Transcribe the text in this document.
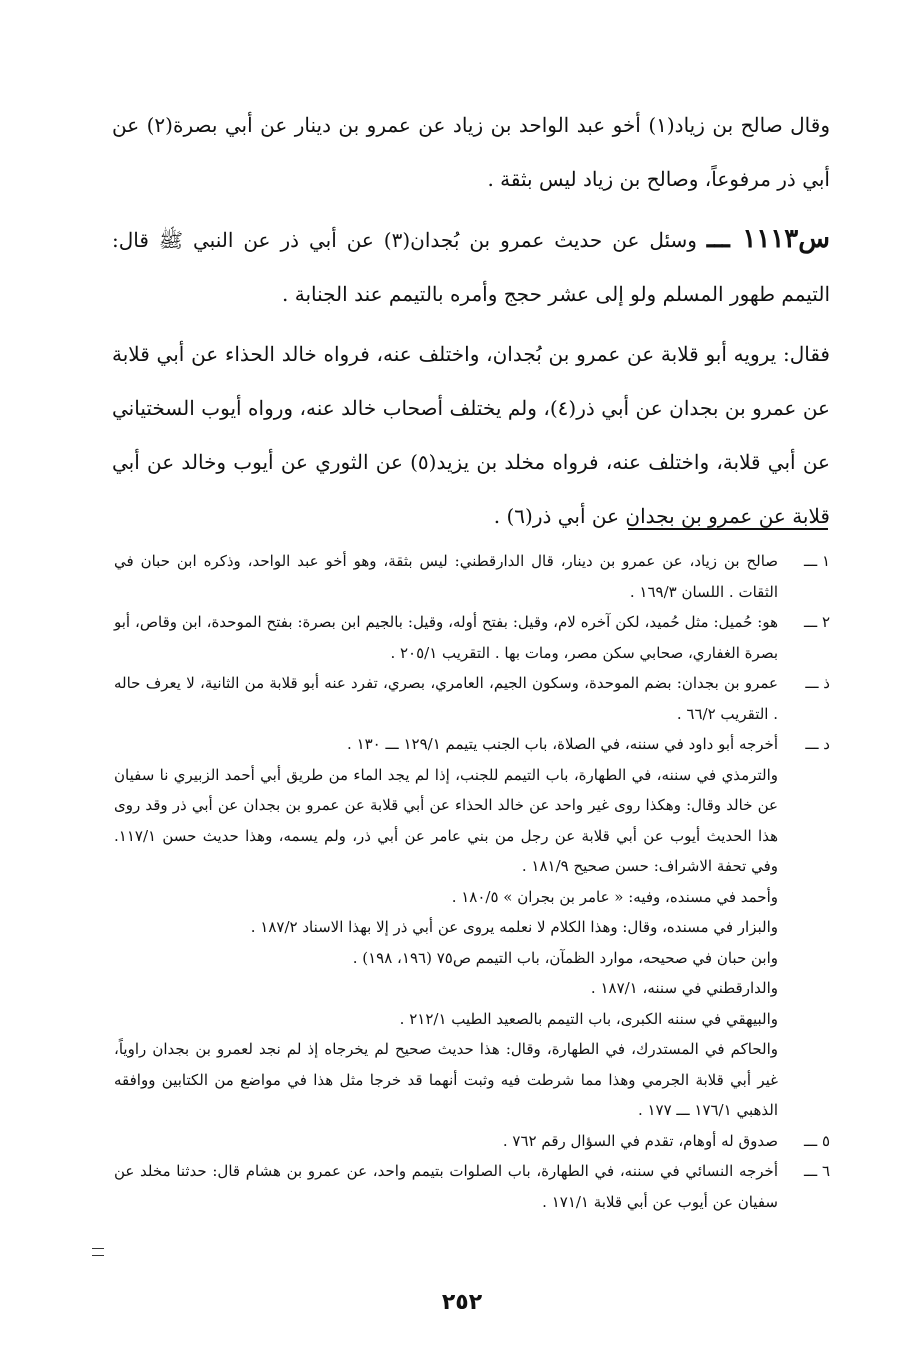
وقال صالح بن زياد(١) أخو عبد الواحد بن زياد عن عمرو بن دينار عن أبي بصرة(٢) عن أبي ذر مرفوعاً، وصالح بن زياد ليس بثقة .

س١١١٣ ـــ وسئل عن حديث عمرو بن بُجدان(٣) عن أبي ذر عن النبي ﷺ قال: التيمم طهور المسلم ولو إلى عشر حجج وأمره بالتيمم عند الجنابة .

فقال: يرويه أبو قلابة عن عمرو بن بُجدان، واختلف عنه، فرواه خالد الحذاء عن أبي قلابة عن عمرو بن بجدان عن أبي ذر(٤)، ولم يختلف أصحاب خالد عنه، ورواه أيوب السختياني عن أبي قلابة، واختلف عنه، فرواه مخلد بن يزيد(٥) عن الثوري عن أيوب وخالد عن أبي قلابة عن عمرو بن بجدان عن أبي ذر(٦) .

١ ـــ
صالح بن زياد، عن عمرو بن دينار، قال الدارقطني: ليس بثقة، وهو أخو عبد الواحد، وذكره ابن حبان في الثقات . اللسان ١٦٩/٣ .
٢ ـــ
هو: حُميل: مثل حُميد، لكن آخره لام، وقيل: بفتح أوله، وقيل: بالجيم ابن بصرة: بفتح الموحدة، ابن وقاص، أبو بصرة الغفاري، صحابي سكن مصر، ومات بها . التقريب ٢٠٥/١ .
ذ ـــ
عمرو بن بجدان: بضم الموحدة، وسكون الجيم، العامري، بصري، تفرد عنه أبو قلابة من الثانية، لا يعرف حاله . التقريب ٦٦/٢ .
د ـــ
أخرجه أبو داود في سننه، في الصلاة، باب الجنب يتيمم ١٢٩/١ ـــ ١٣٠ .
والترمذي في سننه، في الطهارة، باب التيمم للجنب، إذا لم يجد الماء من طريق أبي أحمد الزبيري نا سفيان عن خالد وقال: وهكذا روى غير واحد عن خالد الحذاء عن أبي قلابة عن عمرو بن بجدان عن أبي ذر وقد روى هذا الحديث أيوب عن أبي قلابة عن رجل من بني عامر عن أبي ذر، ولم يسمه، وهذا حديث حسن ١١٧/١. وفي تحفة الاشراف: حسن صحيح ١٨١/٩ .
وأحمد في مسنده، وفيه: « عامر بن بجران » ١٨٠/٥ .
والبزار في مسنده، وقال: وهذا الكلام لا نعلمه يروى عن أبي ذر إلا بهذا الاسناد ١٨٧/٢ .
وابن حبان في صحيحه، موارد الظمآن، باب التيمم ص٧٥ (١٩٦، ١٩٨) .
والدارقطني في سننه، ١٨٧/١ .
والبيهقي في سننه الكبرى، باب التيمم بالصعيد الطيب ٢١٢/١ .
والحاكم في المستدرك، في الطهارة، وقال: هذا حديث صحيح لم يخرجاه إذ لم نجد لعمرو بن بجدان راوياً، غير أبي قلابة الجرمي وهذا مما شرطت فيه وثبت أنهما قد خرجا مثل هذا في مواضع من الكتابين ووافقه الذهبي ١٧٦/١ ـــ ١٧٧ .
٥ ـــ
صدوق له أوهام، تقدم في السؤال رقم ٧٦٢ .
٦ ـــ
أخرجه النسائي في سننه، في الطهارة، باب الصلوات بتيمم واحد، عن عمرو بن هشام قال: حدثنا مخلد عن سفيان عن أيوب عن أبي قلابة ١٧١/١ .
٢٥٢
